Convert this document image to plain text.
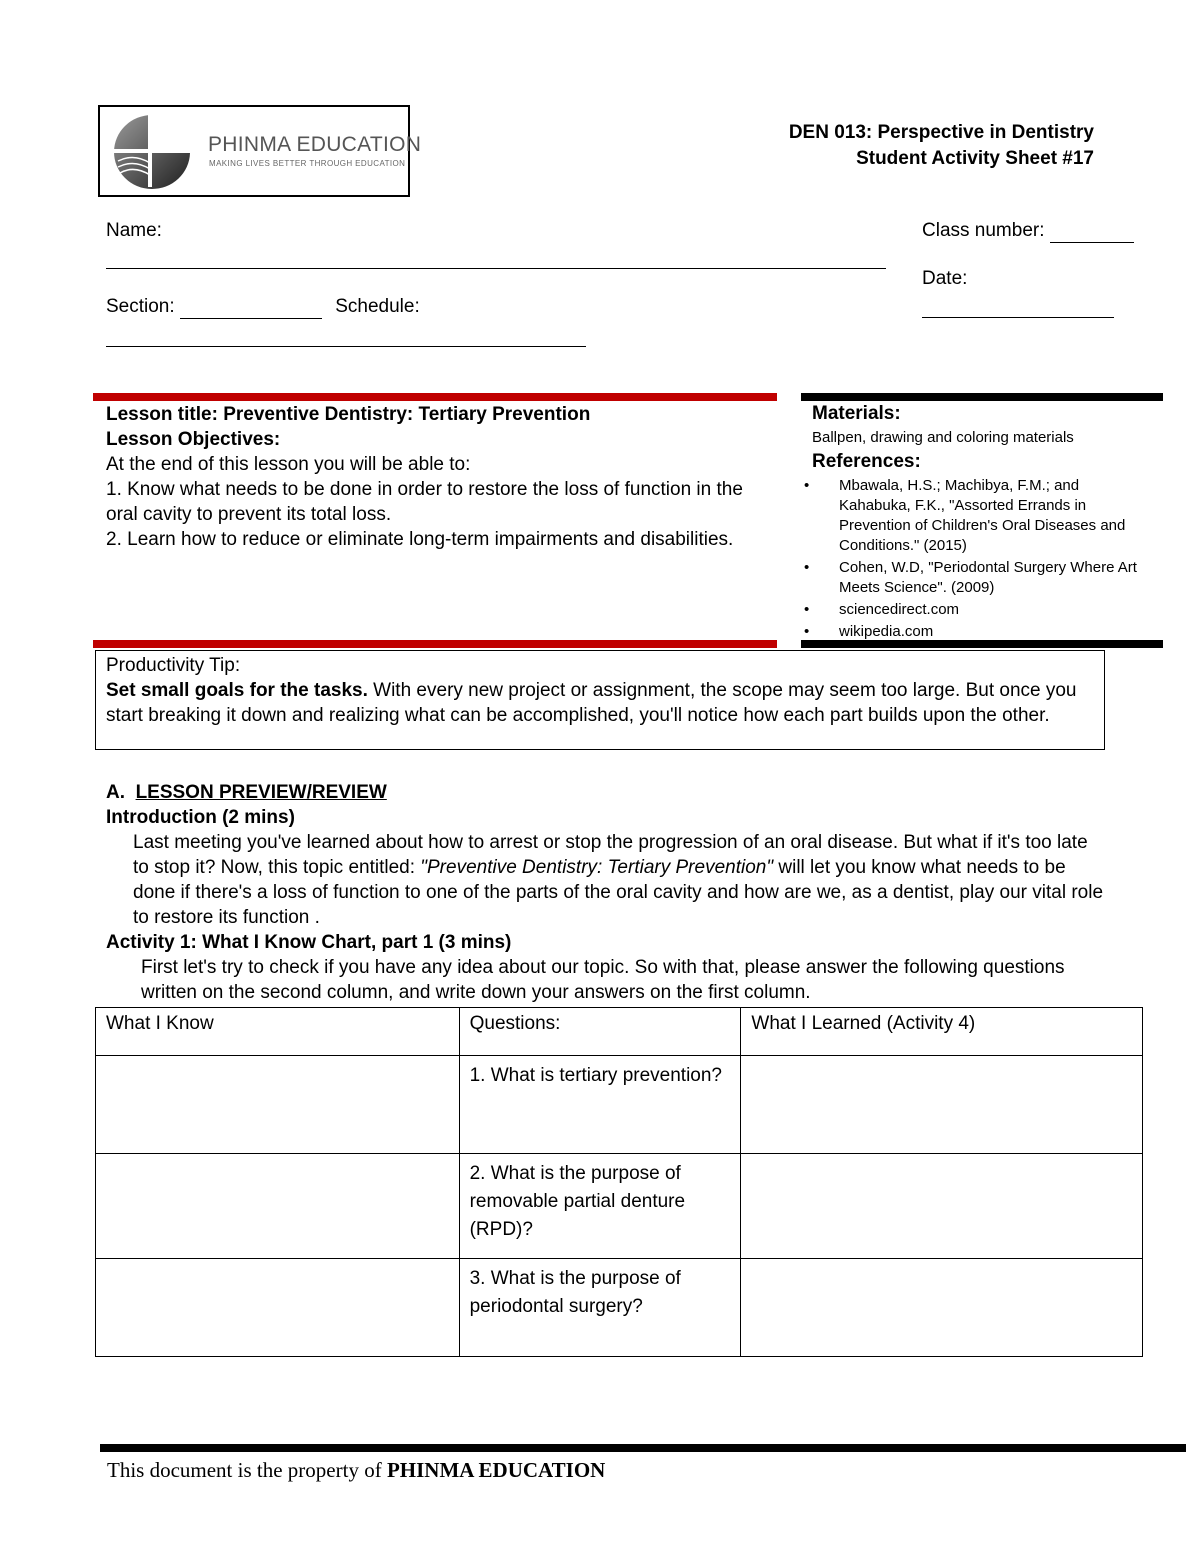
PHINMA EDUCATION
MAKING LIVES BETTER THROUGH EDUCATION
DEN 013: Perspective in Dentistry
Student Activity Sheet #17
Name:	Class number:
Date:
Section:	Schedule:
Lesson title: Preventive Dentistry: Tertiary Prevention
Lesson Objectives:
At the end of this lesson you will be able to:
1. Know what needs to be done in order to restore the loss of function in the oral cavity to prevent its total loss.
2. Learn how to reduce or eliminate long-term impairments and disabilities.
Materials:
Ballpen, drawing and coloring materials
References:
• Mbawala, H.S.; Machibya, F.M.; and Kahabuka, F.K., "Assorted Errands in Prevention of Children's Oral Diseases and Conditions." (2015)
• Cohen, W.D, "Periodontal Surgery Where Art Meets Science". (2009)
• sciencedirect.com
• wikipedia.com
Productivity Tip:
Set small goals for the tasks. With every new project or assignment, the scope may seem too large. But once you start breaking it down and realizing what can be accomplished, you'll notice how each part builds upon the other.
A. LESSON PREVIEW/REVIEW
Introduction (2 mins)
Last meeting you've learned about how to arrest or stop the progression of an oral disease. But what if it's too late to stop it? Now, this topic entitled: "Preventive Dentistry: Tertiary Prevention" will let you know what needs to be done if there's a loss of function to one of the parts of the oral cavity and how are we, as a dentist, play our vital role to restore its function .
Activity 1: What I Know Chart, part 1 (3 mins)
First let's try to check if you have any idea about our topic. So with that, please answer the following questions written on the second column, and write down your answers on the first column.
What I Know	Questions:	What I Learned (Activity 4)
	1. What is tertiary prevention?	
	2. What is the purpose of removable partial denture (RPD)?	
	3. What is the purpose of periodontal surgery?	
This document is the property of PHINMA EDUCATION
